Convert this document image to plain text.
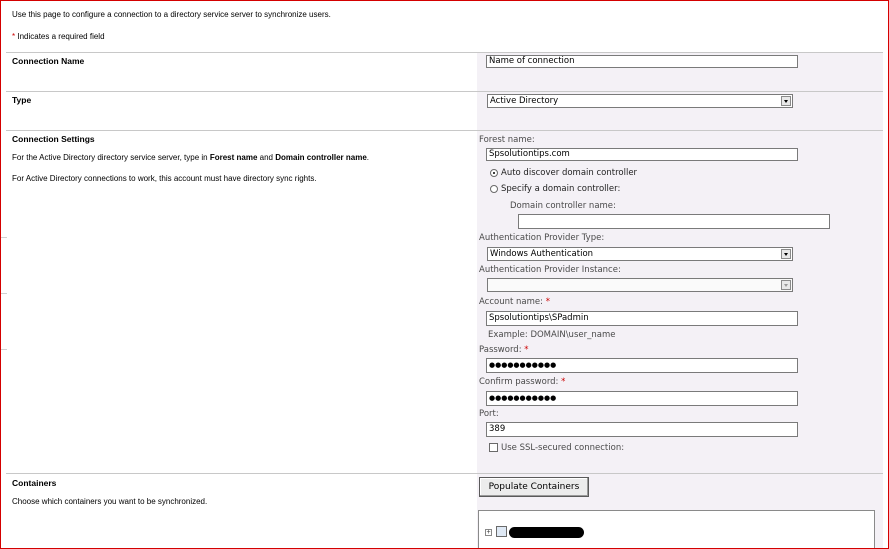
Use this page to configure a connection to a directory service server to synchronize users.
* Indicates a required field
Connection Name	Name of connection
Type	Active Directory
Connection Settings
For the Active Directory directory service server, type in Forest name and Domain controller name.
For Active Directory connections to work, this account must have directory sync rights.
Forest name:
Spsolutiontips.com
Auto discover domain controller
Specify a domain controller:
Domain controller name:
Authentication Provider Type:
Windows Authentication
Authentication Provider Instance:
Account name: *
Spsolutiontips\SPadmin
Example: DOMAIN\user_name
Password: *
●●●●●●●●●●●
Confirm password: *
●●●●●●●●●●●
Port:
389
Use SSL-secured connection:
Containers
Choose which containers you want to be synchronized.
Populate Containers
+
